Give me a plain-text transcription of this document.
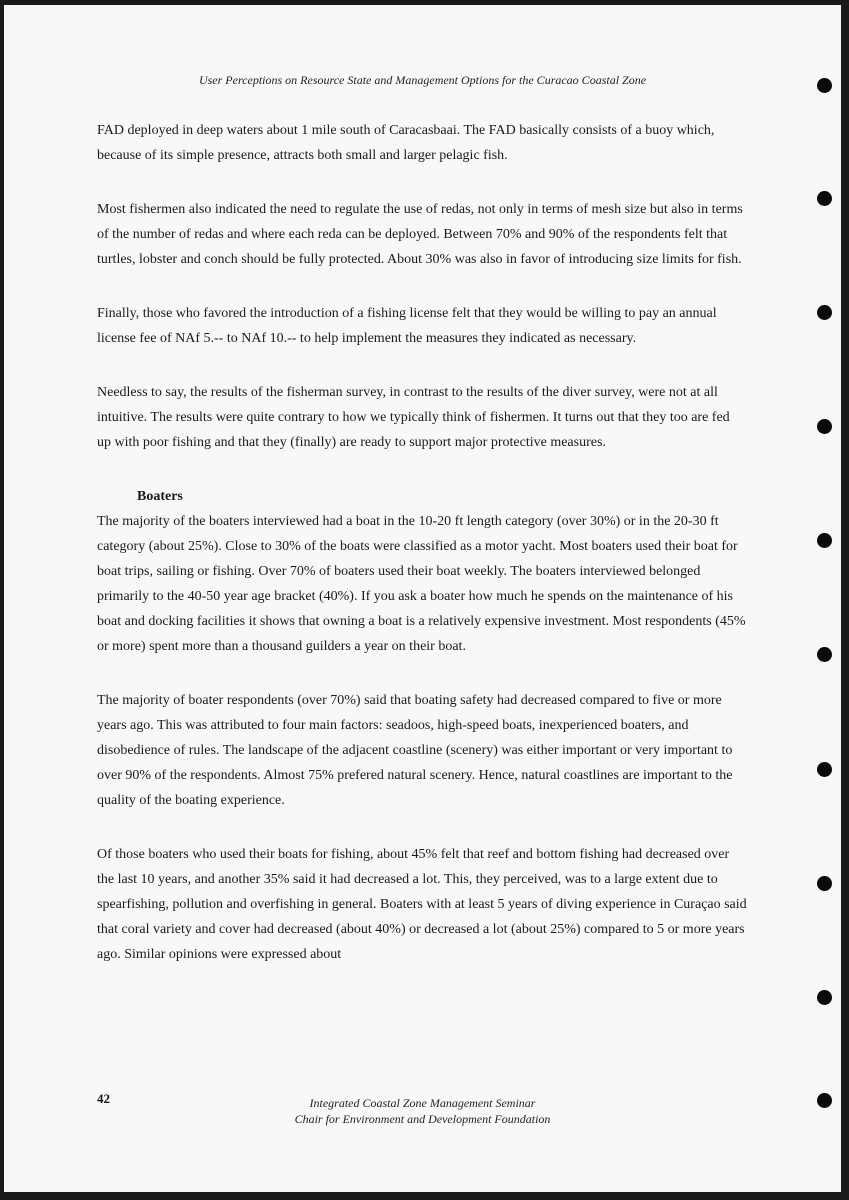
User Perceptions on Resource State and Management Options for the Curacao Coastal Zone

FAD deployed in deep waters about 1 mile south of Caracasbaai. The FAD basically consists of a buoy which, because of its simple presence, attracts both small and larger pelagic fish.

Most fishermen also indicated the need to regulate the use of redas, not only in terms of mesh size but also in terms of the number of redas and where each reda can be deployed. Between 70% and 90% of the respondents felt that turtles, lobster and conch should be fully protected. About 30% was also in favor of introducing size limits for fish.

Finally, those who favored the introduction of a fishing license felt that they would be willing to pay an annual license fee of NAf 5.-- to NAf 10.-- to help implement the measures they indicated as necessary.

Needless to say, the results of the fisherman survey, in contrast to the results of the diver survey, were not at all intuitive. The results were quite contrary to how we typically think of fishermen. It turns out that they too are fed up with poor fishing and that they (finally) are ready to support major protective measures.

Boaters

The majority of the boaters interviewed had a boat in the 10-20 ft length category (over 30%) or in the 20-30 ft category (about 25%). Close to 30% of the boats were classified as a motor yacht. Most boaters used their boat for boat trips, sailing or fishing. Over 70% of boaters used their boat weekly. The boaters interviewed belonged primarily to the 40-50 year age bracket (40%). If you ask a boater how much he spends on the maintenance of his boat and docking facilities it shows that owning a boat is a relatively expensive investment. Most respondents (45% or more) spent more than a thousand guilders a year on their boat.

The majority of boater respondents (over 70%) said that boating safety had decreased compared to five or more years ago. This was attributed to four main factors: seadoos, high-speed boats, inexperienced boaters, and disobedience of rules. The landscape of the adjacent coastline (scenery) was either important or very important to over 90% of the respondents. Almost 75% prefered natural scenery. Hence, natural coastlines are important to the quality of the boating experience.

Of those boaters who used their boats for fishing, about 45% felt that reef and bottom fishing had decreased over the last 10 years, and another 35% said it had decreased a lot. This, they perceived, was to a large extent due to spearfishing, pollution and overfishing in general. Boaters with at least 5 years of diving experience in Curaçao said that coral variety and cover had decreased (about 40%) or decreased a lot (about 25%) compared to 5 or more years ago. Similar opinions were expressed about

42	Integrated Coastal Zone Management Seminar
Chair for Environment and Development Foundation
